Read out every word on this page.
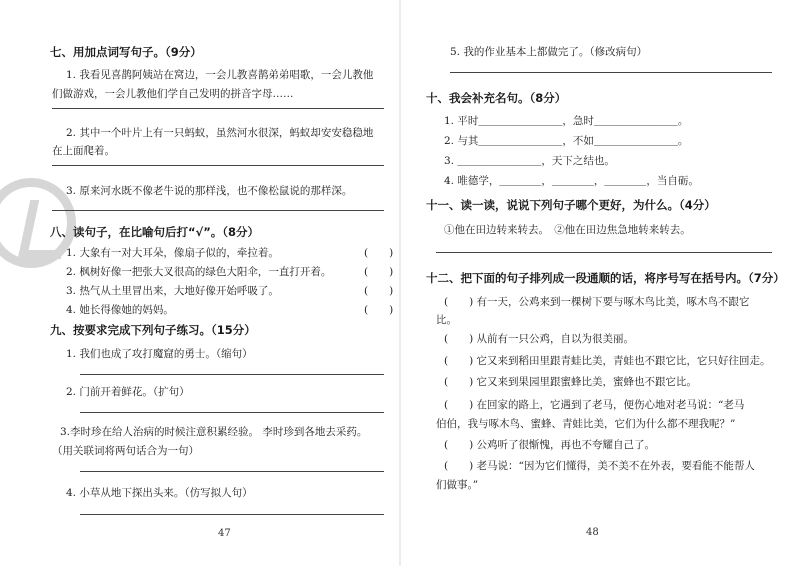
七、用加点词写句子。（9分）
1. 我看见喜鹊阿姨站在窝边，一会儿教喜鹊弟弟唱歌，一会儿教他
们做游戏，一会儿教他们学自己发明的拼音字母……
2. 其中一个叶片上有一只蚂蚁，虽然河水很深，蚂蚁却安安稳稳地
在上面爬着。
3. 原来河水既不像老牛说的那样浅，也不像松鼠说的那样深。
八、读句子，在比喻句后打“√”。（8分）
1. 大象有一对大耳朵，像扇子似的，牵拉着。	(　　)
2. 枫树好像一把张大叉很高的绿色大阳伞，一直打开着。	(　　)
3. 热气从土里冒出来，大地好像开始呼吸了。	(　　)
4. 她长得像她的妈妈。	(　　)
九、按要求完成下列句子练习。（15分）
1. 我们也成了攻打魔窟的勇士。（缩句）
2. 门前开着鲜花。（扩句）
3.李时珍在给人治病的时候注意积累经验。 李时珍到各地去采药。
（用关联词将两句话合为一句）
4. 小草从地下探出头来。（仿写拟人句）
47
5. 我的作业基本上都做完了。（修改病句）
十、我会补充名句。（8分）
1. 平时＿＿＿＿＿＿＿＿，急时＿＿＿＿＿＿＿＿。
2. 与其＿＿＿＿＿＿＿＿，不如＿＿＿＿＿＿＿＿。
3. ＿＿＿＿＿＿＿＿，天下之结也。
4. 唯德学，＿＿＿＿，＿＿＿＿，＿＿＿＿，当自砺。
十一、读一读，说说下列句子哪个更好，为什么。（4分）
①他在田边转来转去。　②他在田边焦急地转来转去。
十二、把下面的句子排列成一段通顺的话，将序号写在括号内。（7分）
(　　) 有一天，公鸡来到一棵树下要与啄木鸟比美，啄木鸟不跟它
比。
(　　) 从前有一只公鸡，自以为很美丽。
(　　) 它又来到稻田里跟青蛙比美，青蛙也不跟它比，它只好往回走。
(　　) 它又来到果园里跟蜜蜂比美，蜜蜂也不跟它比。
(　　) 在回家的路上，它遇到了老马，便伤心地对老马说：“老马
伯伯，我与啄木鸟、蜜蜂、青蛙比美，它们为什么都不理我呢？”
(　　) 公鸡听了很惭愧，再也不夸耀自己了。
(　　) 老马说：“因为它们懂得，美不美不在外表，要看能不能帮人
们做事。”
48
